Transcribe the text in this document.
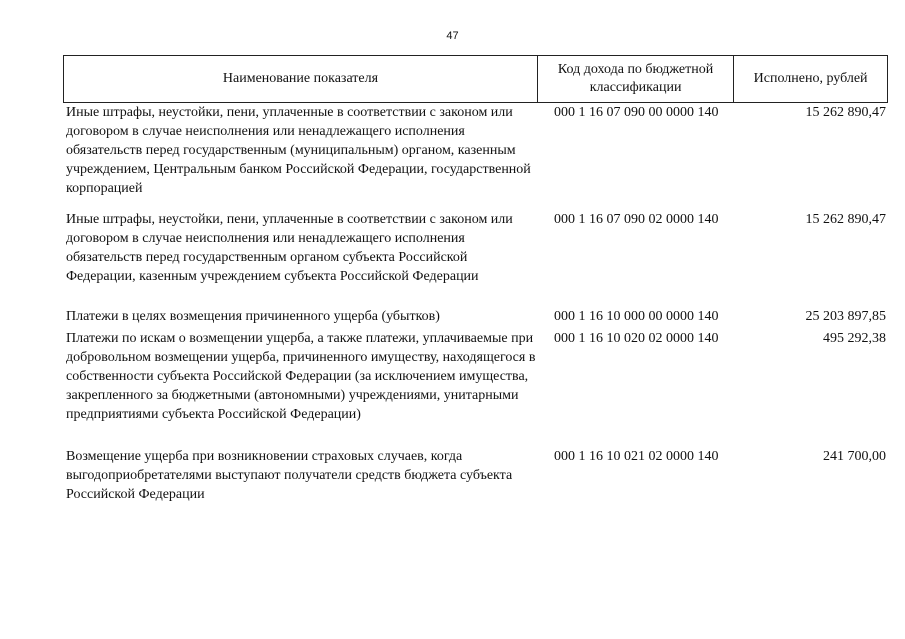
47
Наименование показателя	Код дохода по бюджетной классификации	Исполнено, рублей
Иные штрафы, неустойки, пени, уплаченные в соответствии с законом или договором в случае неисполнения или ненадлежащего исполнения обязательств перед государственным (муниципальным) органом, казенным учреждением, Центральным банком Российской Федерации, государственной корпорацией
000 1 16 07 090 00 0000 140	15 262 890,47
Иные штрафы, неустойки, пени, уплаченные в соответствии с законом или договором в случае неисполнения или ненадлежащего исполнения обязательств перед государственным органом субъекта Российской Федерации, казенным учреждением субъекта Российской Федерации
000 1 16 07 090 02 0000 140	15 262 890,47
Платежи в целях возмещения причиненного ущерба (убытков)	000 1 16 10 000 00 0000 140	25 203 897,85
Платежи по искам о возмещении ущерба, а также платежи, уплачиваемые при добровольном возмещении ущерба, причиненного имуществу, находящегося в собственности субъекта Российской Федерации (за исключением имущества, закрепленного за бюджетными (автономными) учреждениями, унитарными предприятиями субъекта Российской Федерации)
000 1 16 10 020 02 0000 140	495 292,38
Возмещение ущерба при возникновении страховых случаев, когда выгодоприобретателями выступают получатели средств бюджета субъекта Российской Федерации
000 1 16 10 021 02 0000 140	241 700,00
